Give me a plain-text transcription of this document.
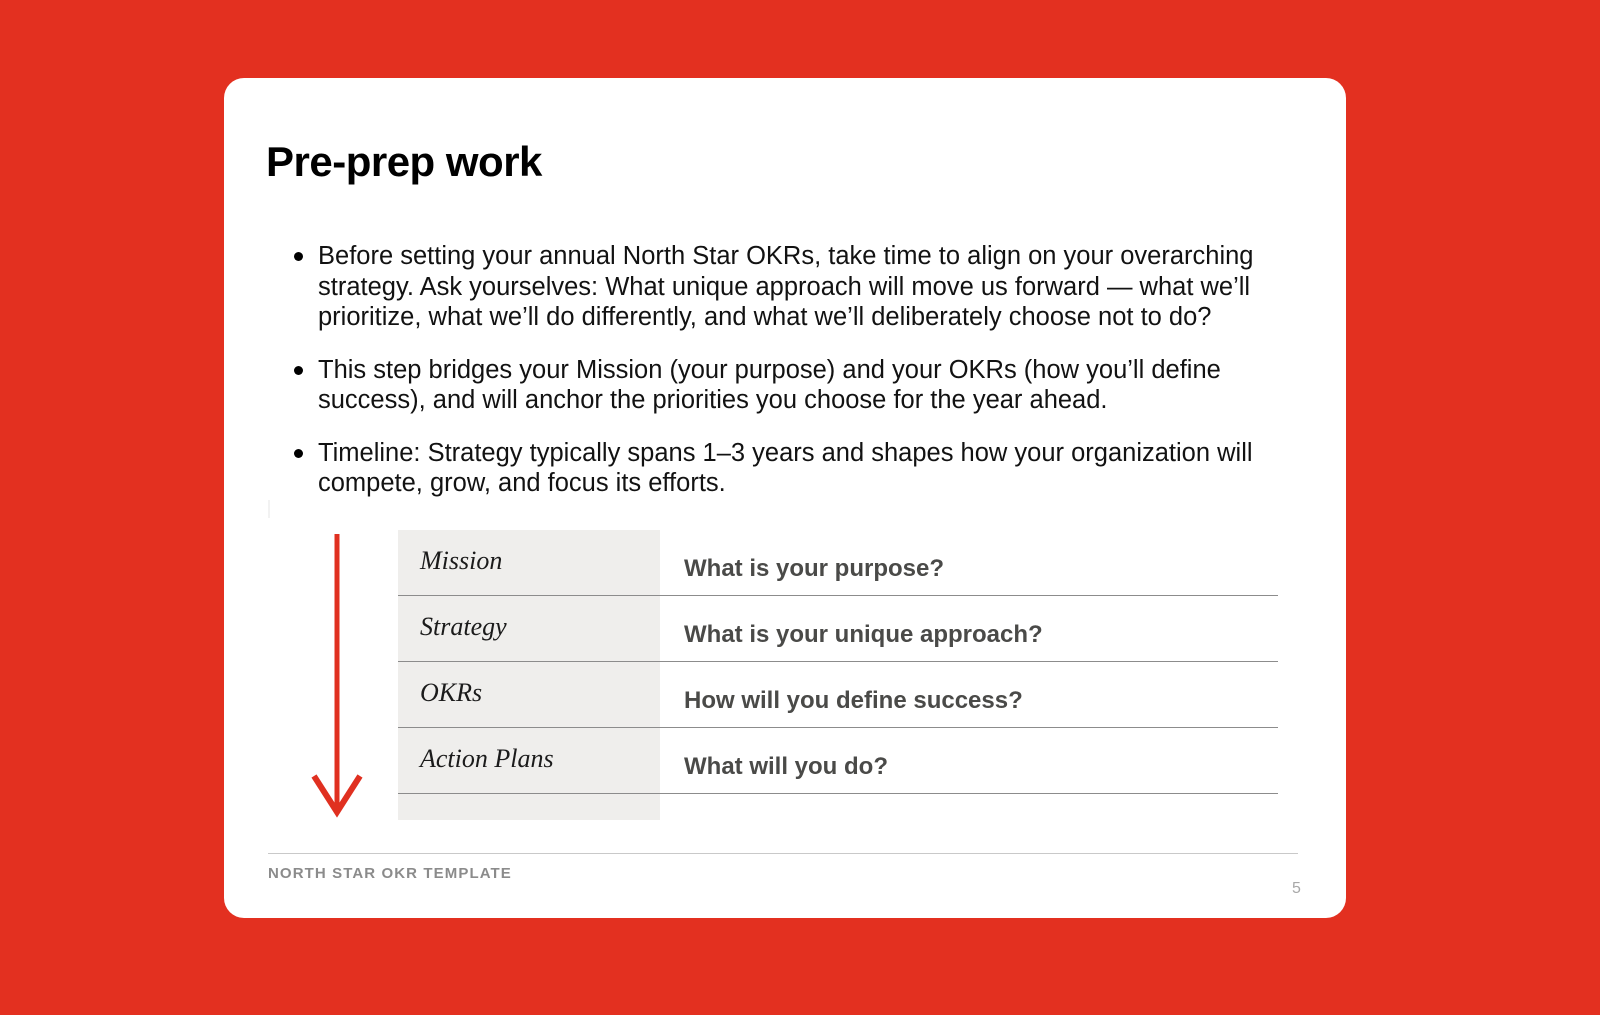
Pre-prep work
Before setting your annual North Star OKRs, take time to align on your overarching strategy. Ask yourselves: What unique approach will move us forward — what we’ll prioritize, what we’ll do differently, and what we’ll deliberately choose not to do?
This step bridges your Mission (your purpose) and your OKRs (how you’ll define success), and will anchor the priorities you choose for the year ahead.
Timeline: Strategy typically spans 1–3 years and shapes how your organization will compete, grow, and focus its efforts.
Mission	What is your purpose?
Strategy	What is your unique approach?
OKRs	How will you define success?
Action Plans	What will you do?
NORTH STAR OKR TEMPLATE
5
